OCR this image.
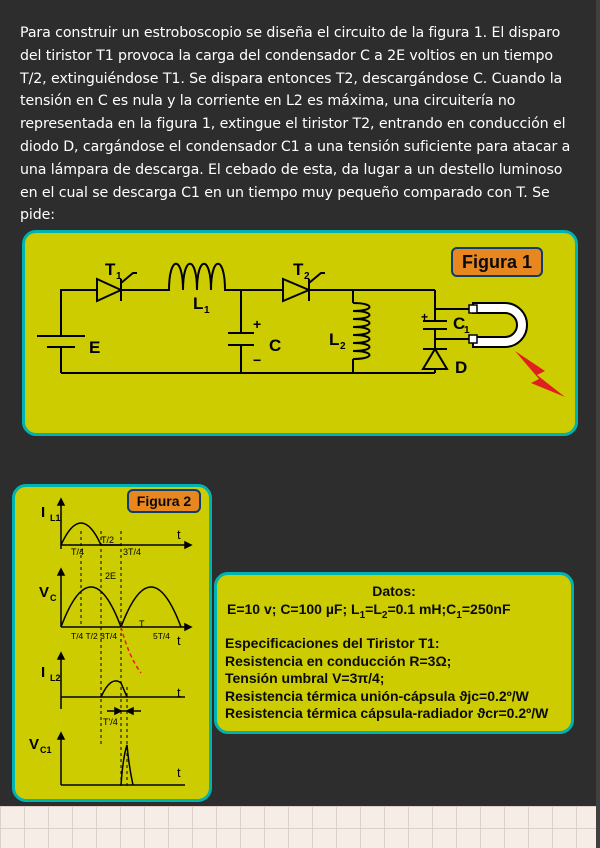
Para construir un estroboscopio se diseña el circuito de la figura 1. El disparo del tiristor T1 provoca la carga del condensador C a 2E voltios en un tiempo T/2, extinguiéndose T1. Se dispara entonces T2, descargándose C. Cuando la tensión en C es nula y la corriente en L2 es máxima, una circuitería no representada en la figura 1, extingue el tiristor T2, entrando en conducción el diodo D, cargándose el condensador C1 a una tensión suficiente para atacar a una lámpara de descarga. El cebado de esta, da lugar a un destello luminoso en el cual se descarga C1 en un tiempo muy pequeño comparado con T. Se pide:
Figura 1
T 1
L 1
T 2
+
−
C	L 2
C
1
+
D
E
Figura 2
I L1
t
T/2
T/4	3T/4
V C
2E
T
T/4 T/2 3T/4	5T/4 t
I L2
t
T'/4
V C1
t
Datos:
E=10 v; C=100 µF; $L_1=L_2=0.1$ $mH;C_1=250nF$
Especificaciones del Tiristor T1:
Resistencia en conducción R=3Ω;
Tensión umbral V=3π/4;
Resistencia térmica unión-cápsula ϑjc=0.2º/W
Resistencia térmica cápsula-radiador ϑcr=0.2º/W
